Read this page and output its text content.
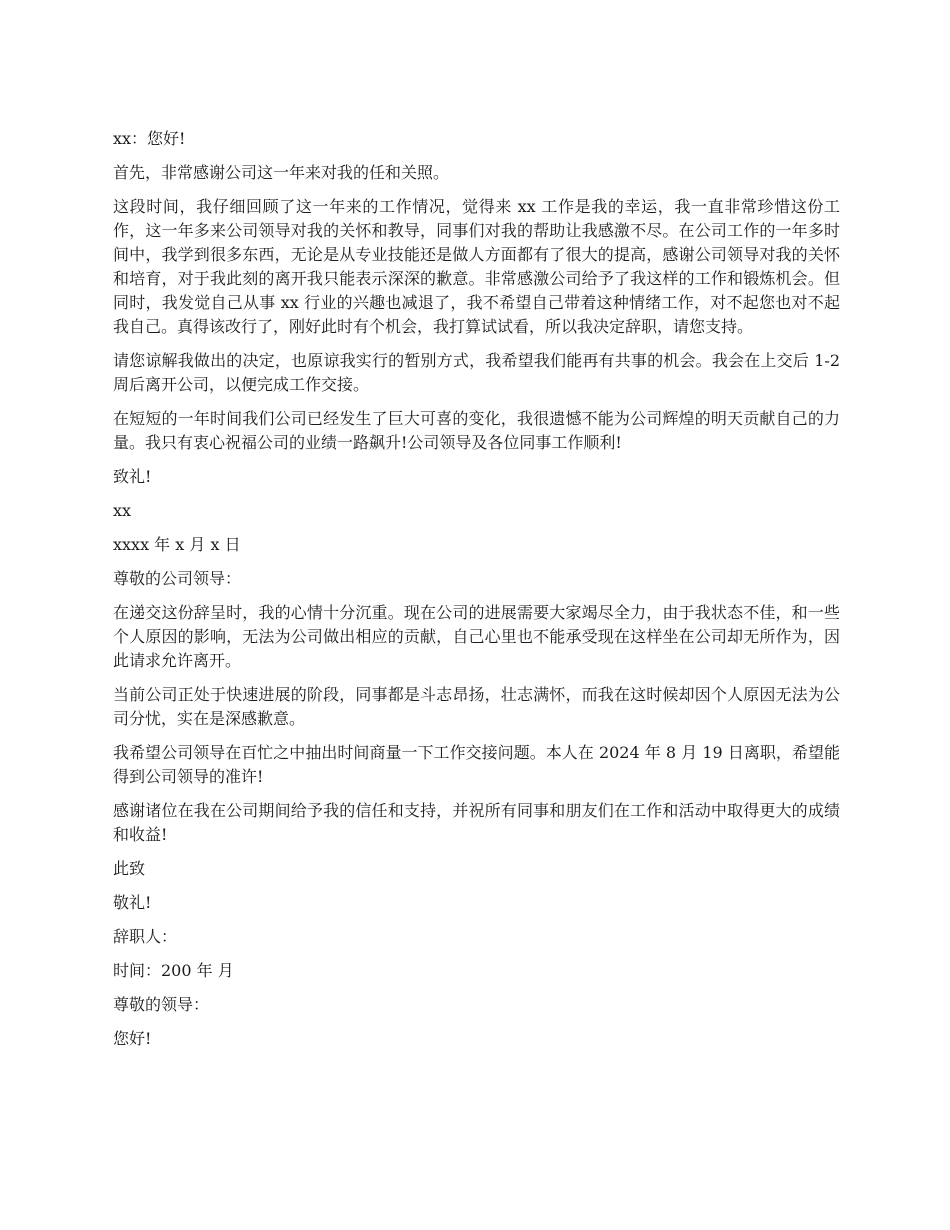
xx：您好!

首先，非常感谢公司这一年来对我的任和关照。

这段时间，我仔细回顾了这一年来的工作情况，觉得来 xx 工作是我的幸运，我一直非常珍惜这份工作，这一年多来公司领导对我的关怀和教导，同事们对我的帮助让我感激不尽。在公司工作的一年多时间中，我学到很多东西，无论是从专业技能还是做人方面都有了很大的提高，感谢公司领导对我的关怀和培育，对于我此刻的离开我只能表示深深的歉意。非常感激公司给予了我这样的工作和锻炼机会。但同时，我发觉自己从事 xx 行业的兴趣也减退了，我不希望自己带着这种情绪工作，对不起您也对不起我自己。真得该改行了，刚好此时有个机会，我打算试试看，所以我决定辞职，请您支持。

请您谅解我做出的决定，也原谅我实行的暂别方式，我希望我们能再有共事的机会。我会在上交后 1-2 周后离开公司，以便完成工作交接。

在短短的一年时间我们公司已经发生了巨大可喜的变化，我很遗憾不能为公司辉煌的明天贡献自己的力量。我只有衷心祝福公司的业绩一路飙升!公司领导及各位同事工作顺利!

致礼!

xx

xxxx 年 x 月 x 日

尊敬的公司领导：

在递交这份辞呈时，我的心情十分沉重。现在公司的进展需要大家竭尽全力，由于我状态不佳，和一些个人原因的影响，无法为公司做出相应的贡献，自己心里也不能承受现在这样坐在公司却无所作为，因此请求允许离开。

当前公司正处于快速进展的阶段，同事都是斗志昂扬，壮志满怀，而我在这时候却因个人原因无法为公司分忧，实在是深感歉意。

我希望公司领导在百忙之中抽出时间商量一下工作交接问题。本人在 2024 年 8 月 19 日离职，希望能得到公司领导的准许!

感谢诸位在我在公司期间给予我的信任和支持，并祝所有同事和朋友们在工作和活动中取得更大的成绩和收益!

此致

敬礼!

辞职人：

时间：200 年 月

尊敬的领导：

您好!
